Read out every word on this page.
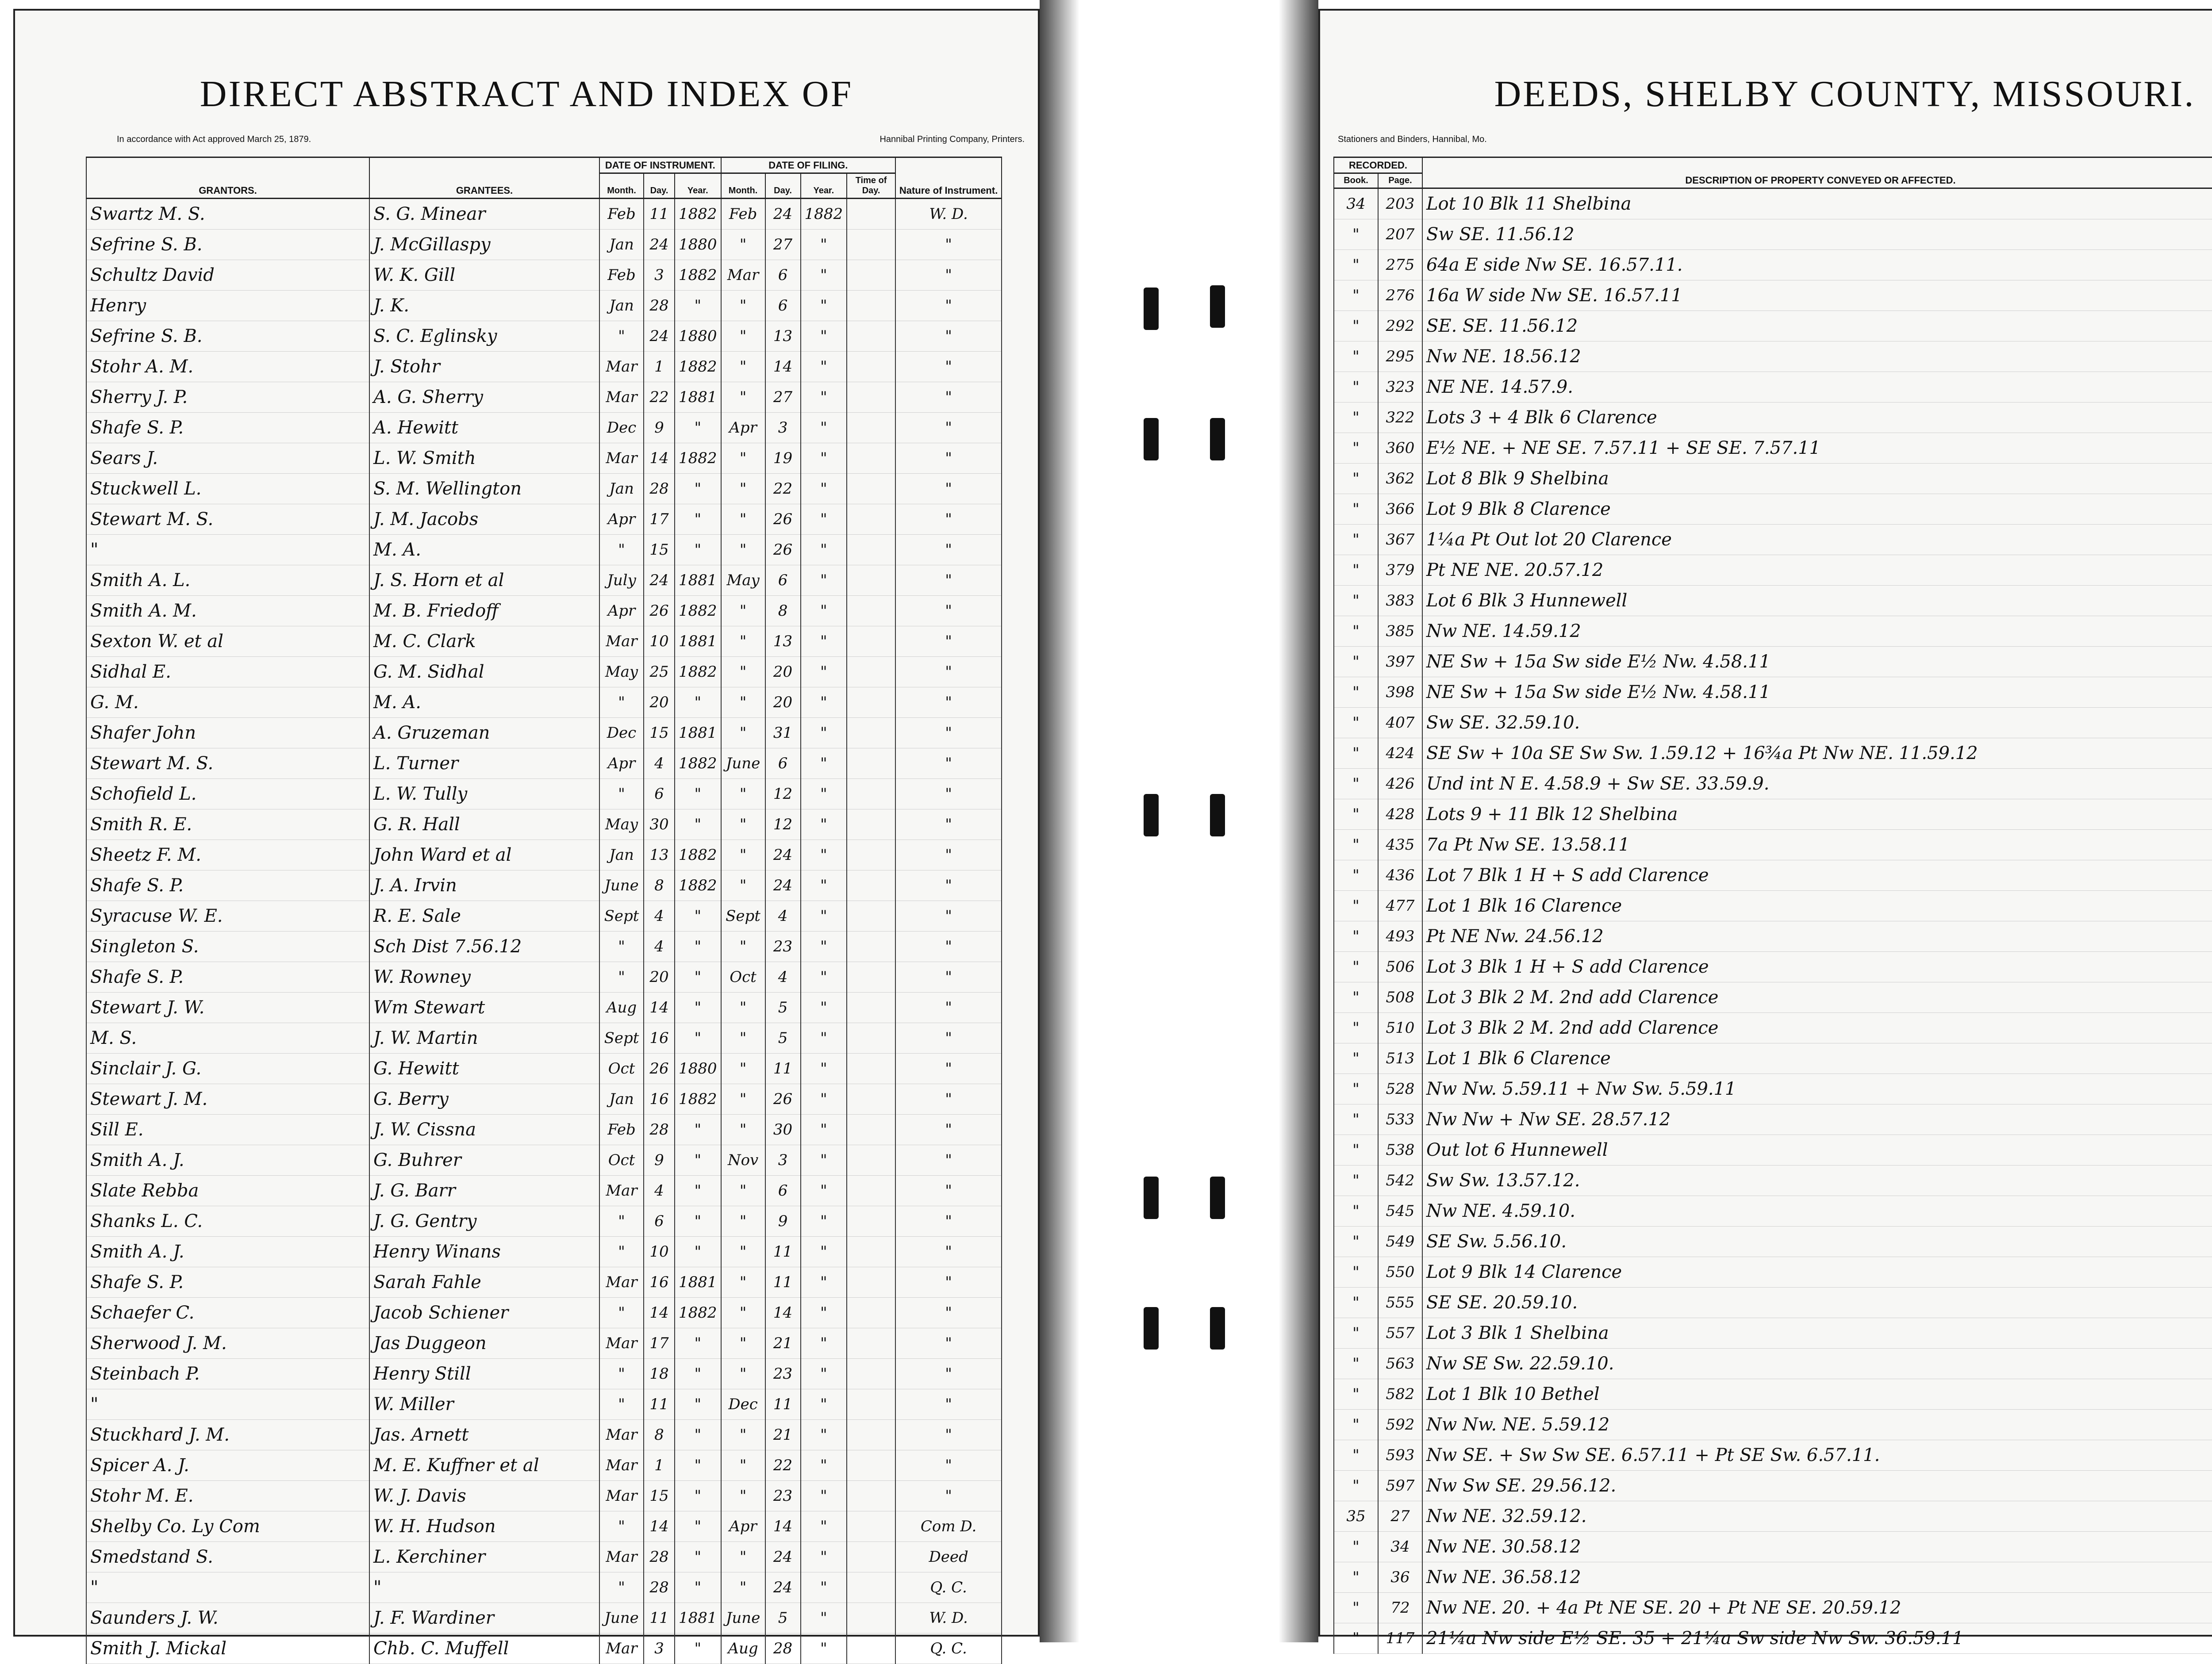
DIRECT ABSTRACT AND INDEX OF
In accordance with Act approved March 25, 1879.	Hannibal Printing Company, Printers.
GRANTORS.	GRANTEES.	DATE OF INSTRUMENT.			DATE OF FILING.				Nature of Instrument.
		Month.	Day.	Year.	Month.	Day.	Year.	Time of Day.	
Swartz M. S.	S. G. Minear	Feb	11	1882	Feb	24	1882		W. D.
Sefrine S. B.	J. McGillaspy	Jan	24	1880	"	27	"		"
Schultz David	W. K. Gill	Feb	3	1882	Mar	6	"		"
Henry	J. K.	Jan	28	"	"	6	"		"
Sefrine S. B.	S. C. Eglinsky	"	24	1880	"	13	"		"
Stohr A. M.	J. Stohr	Mar	1	1882	"	14	"		"
Sherry J. P.	A. G. Sherry	Mar	22	1881	"	27	"		"
Shafe S. P.	A. Hewitt	Dec	9	"	Apr	3	"		"
Sears J.	L. W. Smith	Mar	14	1882	"	19	"		"
Stuckwell L.	S. M. Wellington	Jan	28	"	"	22	"		"
Stewart M. S.	J. M. Jacobs	Apr	17	"	"	26	"		"
"	M. A.	"	15	"	"	26	"		"
Smith A. L.	J. S. Horn et al	July	24	1881	May	6	"		"
Smith A. M.	M. B. Friedoff	Apr	26	1882	"	8	"		"
Sexton W. et al	M. C. Clark	Mar	10	1881	"	13	"		"
Sidhal E.	G. M. Sidhal	May	25	1882	"	20	"		"
G. M.	M. A.	"	20	"	"	20	"		"
Shafer John	A. Gruzeman	Dec	15	1881	"	31	"		"
Stewart M. S.	L. Turner	Apr	4	1882	June	6	"		"
Schofield L.	L. W. Tully	"	6	"	"	12	"		"
Smith R. E.	G. R. Hall	May	30	"	"	12	"		"
Sheetz F. M.	John Ward et al	Jan	13	1882	"	24	"		"
Shafe S. P.	J. A. Irvin	June	8	1882	"	24	"		"
Syracuse W. E.	R. E. Sale	Sept	4	"	Sept	4	"		"
Singleton S.	Sch Dist 7.56.12	"	4	"	"	23	"		"
Shafe S. P.	W. Rowney	"	20	"	Oct	4	"		"
Stewart J. W.	Wm Stewart	Aug	14	"	"	5	"		"
M. S.	J. W. Martin	Sept	16	"	"	5	"		"
Sinclair J. G.	G. Hewitt	Oct	26	1880	"	11	"		"
Stewart J. M.	G. Berry	Jan	16	1882	"	26	"		"
Sill E.	J. W. Cissna	Feb	28	"	"	30	"		"
Smith A. J.	G. Buhrer	Oct	9	"	Nov	3	"		"
Slate Rebba	J. G. Barr	Mar	4	"	"	6	"		"
Shanks L. C.	J. G. Gentry	"	6	"	"	9	"		"
Smith A. J.	Henry Winans	"	10	"	"	11	"		"
Shafe S. P.	Sarah Fahle	Mar	16	1881	"	11	"		"
Schaefer C.	Jacob Schiener	"	14	1882	"	14	"		"
Sherwood J. M.	Jas Duggeon	Mar	17	"	"	21	"		"
Steinbach P.	Henry Still	"	18	"	"	23	"		"
"	W. Miller	"	11	"	Dec	11	"		"
Stuckhard J. M.	Jas. Arnett	Mar	8	"	"	21	"		"
Spicer A. J.	M. E. Kuffner et al	Mar	1	"	"	22	"		"
Stohr M. E.	W. J. Davis	Mar	15	"	"	23	"		"
Shelby Co. Ly Com	W. H. Hudson	"	14	"	Apr	14	"		Com D.
Smedstand S.	L. Kerchiner	Mar	28	"	"	24	"		Deed
"	"	"	28	"	"	24	"		Q. C.
Saunders J. W.	J. F. Wardiner	June	11	1881	June	5	"		W. D.
Smith J. Mickal	Chb. C. Muffell	Mar	3	"	Aug	28	"		Q. C.
DEEDS, SHELBY COUNTY, MISSOURI.
Stationers and Binders, Hannibal, Mo.
RECORDED.		DESCRIPTION OF PROPERTY CONVEYED OR AFFECTED.			
Book.	Page.				
34	203	Lot 10 Blk 11 Shelbina			
"	207	Sw SE. 11.56.12			
"	275	64a E side Nw SE. 16.57.11.			
"	276	16a W side Nw SE. 16.57.11			
"	292	SE. SE. 11.56.12			
"	295	Nw NE. 18.56.12			
"	323	NE NE. 14.57.9.			
"	322	Lots 3 + 4 Blk 6 Clarence			
"	360	E½ NE. + NE SE. 7.57.11 + SE SE. 7.57.11			
"	362	Lot 8 Blk 9 Shelbina			
"	366	Lot 9 Blk 8 Clarence			
"	367	1¼a Pt Out lot 20 Clarence			
"	379	Pt NE NE. 20.57.12			
"	383	Lot 6 Blk 3 Hunnewell			
"	385	Nw NE. 14.59.12			
"	397	NE Sw + 15a Sw side E½ Nw. 4.58.11			
"	398	NE Sw + 15a Sw side E½ Nw. 4.58.11			
"	407	Sw SE. 32.59.10.			
"	424	SE Sw + 10a SE Sw Sw. 1.59.12 + 16¾a Pt Nw NE. 11.59.12			
"	426	Und int N E. 4.58.9 + Sw SE. 33.59.9.			
"	428	Lots 9 + 11 Blk 12 Shelbina			
"	435	7a Pt Nw SE. 13.58.11			
"	436	Lot 7 Blk 1 H + S add Clarence			
"	477	Lot 1 Blk 16 Clarence			
"	493	Pt NE Nw. 24.56.12			
"	506	Lot 3 Blk 1 H + S add Clarence			
"	508	Lot 3 Blk 2 M. 2nd add Clarence			
"	510	Lot 3 Blk 2 M. 2nd add Clarence			
"	513	Lot 1 Blk 6 Clarence			
"	528	Nw Nw. 5.59.11 + Nw Sw. 5.59.11			
"	533	Nw Nw + Nw SE. 28.57.12			
"	538	Out lot 6 Hunnewell			
"	542	Sw Sw. 13.57.12.			
"	545	Nw NE. 4.59.10.			
"	549	SE Sw. 5.56.10.			
"	550	Lot 9 Blk 14 Clarence			
"	555	SE SE. 20.59.10.			
"	557	Lot 3 Blk 1 Shelbina			
"	563	Nw SE Sw. 22.59.10.			
"	582	Lot 1 Blk 10 Bethel			
"	592	Nw Nw. NE. 5.59.12			
"	593	Nw SE. + Sw Sw SE. 6.57.11 + Pt SE Sw. 6.57.11.			
"	597	Nw Sw SE. 29.56.12.			
35	27	Nw NE. 32.59.12.			
"	34	Nw NE. 30.58.12			
"	36	Nw NE. 36.58.12			
"	72	Nw NE. 20. + 4a Pt NE SE. 20 + Pt NE SE. 20.59.12			
"	117	21¼a Nw side E½ SE. 35 + 21¼a Sw side Nw Sw. 36.59.11			
